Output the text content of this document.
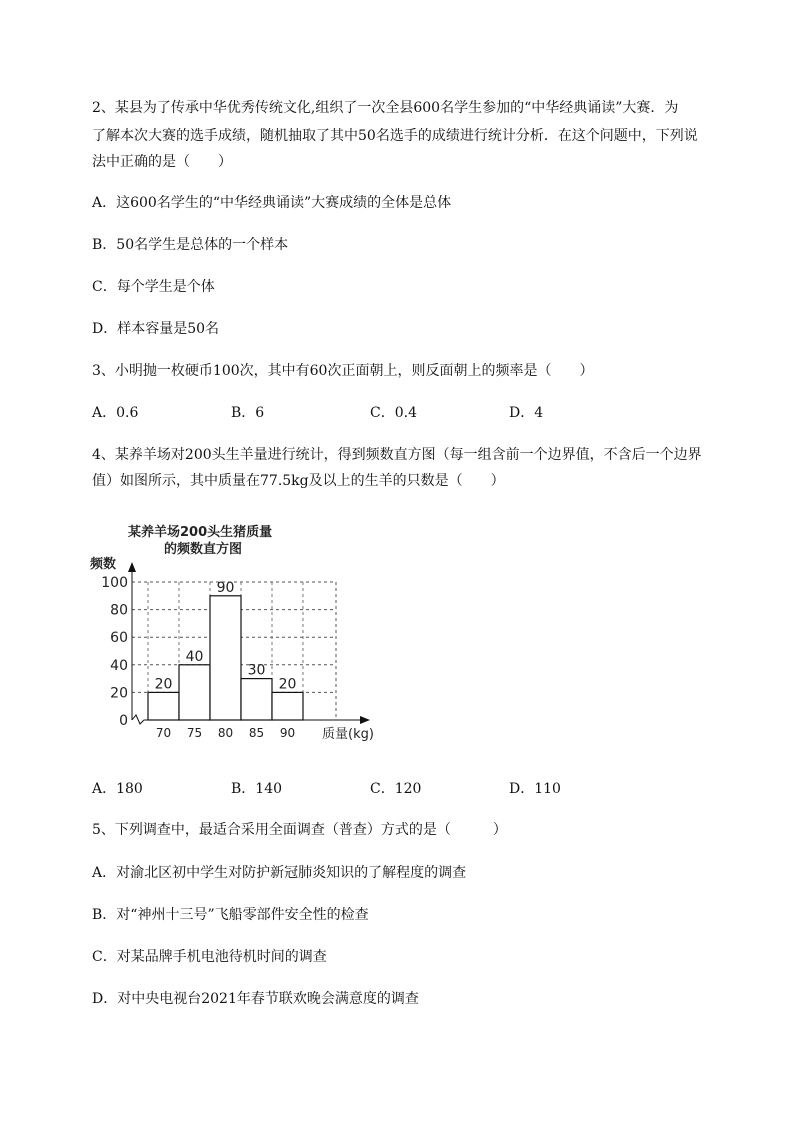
2、某县为了传承中华优秀传统文化,组织了一次全县600名学生参加的“中华经典诵读”大赛．为
了解本次大赛的选手成绩，随机抽取了其中50名选手的成绩进行统计分析．在这个问题中，下列说
法中正确的是（　　）
A．这600名学生的“中华经典诵读”大赛成绩的全体是总体
B．50名学生是总体的一个样本
C．每个学生是个体
D．样本容量是50名
3、小明抛一枚硬币100次，其中有60次正面朝上，则反面朝上的频率是（　　）
A．0.6	B．6	C．0.4	D．4
4、某养羊场对200头生羊量进行统计，得到频数直方图（每一组含前一个边界值，不含后一个边界
值）如图所示，其中质量在77.5kg及以上的生羊的只数是（　　）
某养羊场200头生猪质量
的频数直方图
频数
质量(kg)
20
40
90
30
20
0
20
40
60
80
100
70 75 80 85 90
A．180	B．140	C．120	D．110
5、下列调查中，最适合采用全面调查（普查）方式的是（　　　）
A．对渝北区初中学生对防护新冠肺炎知识的了解程度的调查
B．对“神州十三号”飞船零部件安全性的检查
C．对某品牌手机电池待机时间的调查
D．对中央电视台2021年春节联欢晚会满意度的调查
